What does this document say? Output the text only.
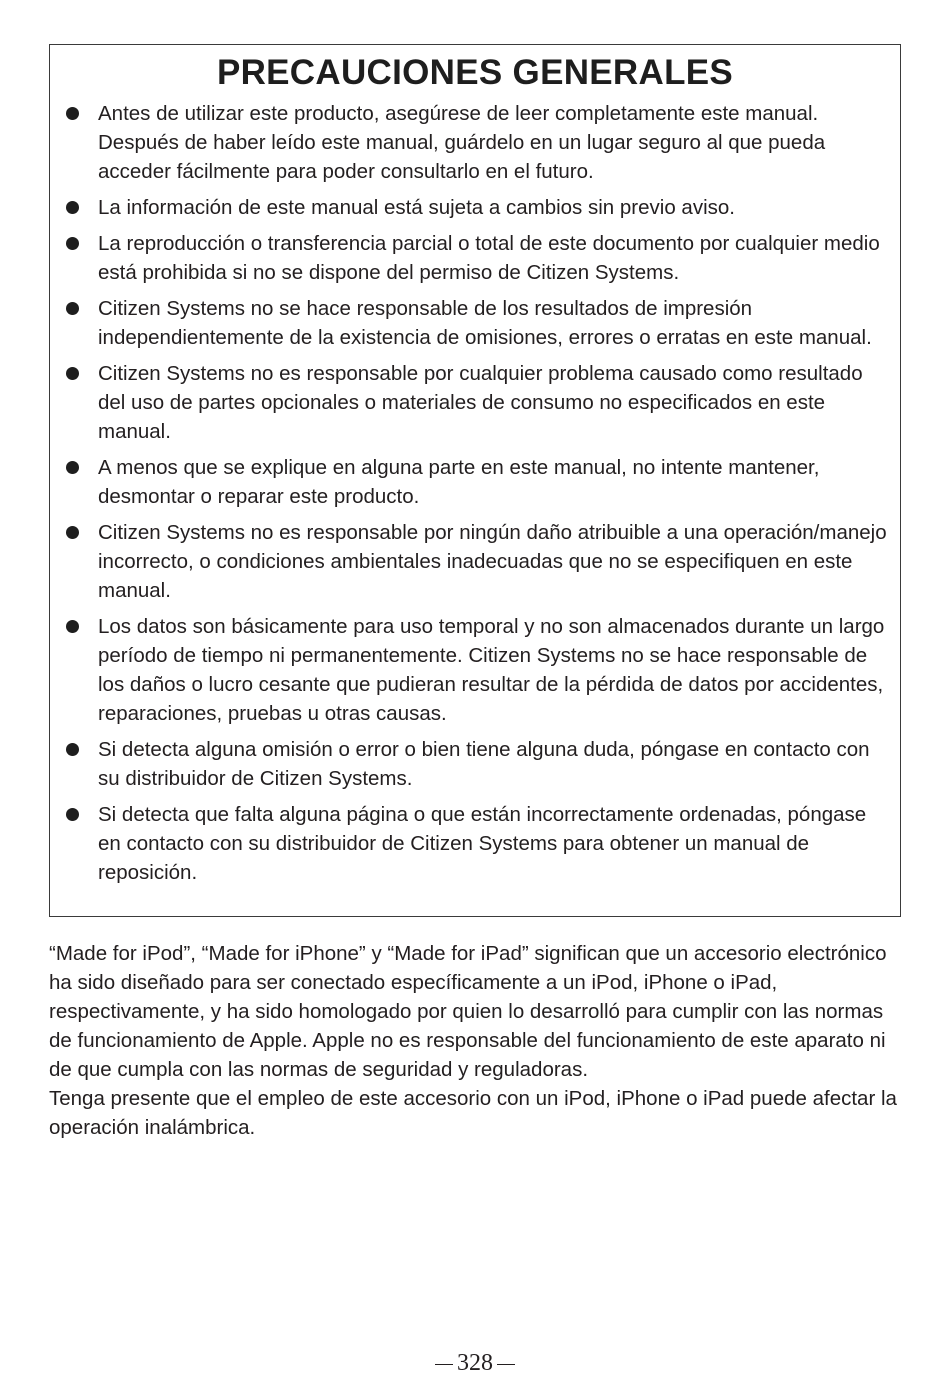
PRECAUCIONES GENERALES
Antes de utilizar este producto, asegúrese de leer completamente este manual. Después de haber leído este manual, guárdelo en un lugar seguro al que pueda acceder fácilmente para poder consultarlo en el futuro.
La información de este manual está sujeta a cambios sin previo aviso.
La reproducción o transferencia parcial o total de este documento por cualquier medio está prohibida si no se dispone del permiso de Citizen Systems.
Citizen Systems no se hace responsable de los resultados de impresión independientemente de la existencia de omisiones, errores o erratas en este manual.
Citizen Systems no es responsable por cualquier problema causado como resultado del uso de partes opcionales o materiales de consumo no especificados en este manual.
A menos que se explique en alguna parte en este manual, no intente mantener, desmontar o reparar este producto.
Citizen Systems no es responsable por ningún daño atribuible a una operación/manejo incorrecto, o condiciones ambientales inadecuadas que no se especifiquen en este manual.
Los datos son básicamente para uso temporal y no son almacenados durante un largo período de tiempo ni permanentemente. Citizen Systems no se hace responsable de los daños o lucro cesante que pudieran resultar de la pérdida de datos por accidentes, reparaciones, pruebas u otras causas.
Si detecta alguna omisión o error o bien tiene alguna duda, póngase en contacto con su distribuidor de Citizen Systems.
Si detecta que falta alguna página o que están incorrectamente ordenadas, póngase en contacto con su distribuidor de Citizen Systems para obtener un manual de reposición.

“Made for iPod”, “Made for iPhone” y “Made for iPad” significan que un accesorio electrónico ha sido diseñado para ser conectado específicamente a un iPod, iPhone o iPad, respectivamente, y ha sido homologado por quien lo desarrolló para cumplir con las normas de funcionamiento de Apple. Apple no es responsable del funcionamiento de este aparato ni de que cumpla con las normas de seguridad y reguladoras.

Tenga presente que el empleo de este accesorio con un iPod, iPhone o iPad puede afectar la operación inalámbrica.

328
